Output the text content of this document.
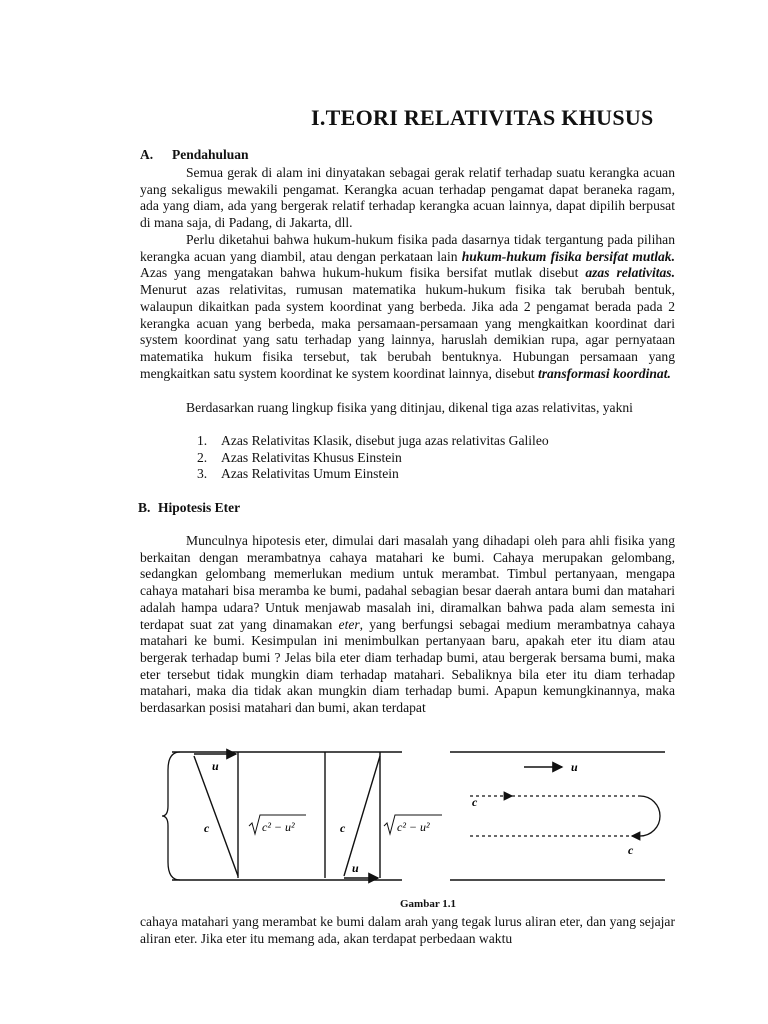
I.TEORI RELATIVITAS KHUSUS
A. Pendahuluan
Semua gerak di alam ini dinyatakan sebagai gerak relatif terhadap suatu kerangka acuan yang sekaligus mewakili pengamat. Kerangka acuan terhadap pengamat dapat beraneka ragam, ada yang diam, ada yang bergerak relatif terhadap kerangka acuan lainnya, dapat dipilih berpusat di mana saja, di Padang, di Jakarta, dll.
Perlu diketahui bahwa hukum-hukum fisika pada dasarnya tidak tergantung pada pilihan kerangka acuan yang diambil, atau dengan perkataan lain hukum-hukum fisika bersifat mutlak. Azas yang mengatakan bahwa hukum-hukum fisika bersifat mutlak disebut azas relativitas. Menurut azas relativitas, rumusan matematika hukum-hukum fisika tak berubah bentuk, walaupun dikaitkan pada system koordinat yang berbeda. Jika ada 2 pengamat berada pada 2 kerangka acuan yang berbeda, maka persamaan-persamaan yang mengkaitkan koordinat dari system koordinat yang satu terhadap yang lainnya, haruslah demikian rupa, agar pernyataan matematika hukum fisika tersebut, tak berubah bentuknya. Hubungan persamaan yang mengkaitkan satu system koordinat ke system koordinat lainnya, disebut transformasi koordinat.
Berdasarkan ruang lingkup fisika yang ditinjau, dikenal tiga azas relativitas, yakni
1. Azas Relativitas Klasik, disebut juga azas relativitas Galileo
2. Azas Relativitas Khusus Einstein
3. Azas Relativitas Umum Einstein
B. Hipotesis Eter
Munculnya hipotesis eter, dimulai dari masalah yang dihadapi oleh para ahli fisika yang berkaitan dengan merambatnya cahaya matahari ke bumi. Cahaya merupakan gelombang, sedangkan gelombang memerlukan medium untuk merambat. Timbul pertanyaan, mengapa cahaya matahari bisa meramba ke bumi, padahal sebagian besar daerah antara bumi dan matahari adalah hampa udara? Untuk menjawab masalah ini, diramalkan bahwa pada alam semesta ini terdapat suat zat yang dinamakan eter, yang berfungsi sebagai medium merambatnya cahaya matahari ke bumi. Kesimpulan ini menimbulkan pertanyaan baru, apakah eter itu diam atau bergerak terhadap bumi ? Jelas bila eter diam terhadap bumi, atau bergerak bersama bumi, maka eter tersebut tidak mungkin diam terhadap matahari. Sebaliknya bila eter itu diam terhadap matahari, maka dia tidak akan mungkin diam terhadap bumi. Apapun kemungkinannya, maka berdasarkan posisi matahari dan bumi, akan terdapat
u
c	c
u
c² − u²	c² − u²
u
c
c
Gambar 1.1
cahaya matahari yang merambat ke bumi dalam arah yang tegak lurus aliran eter, dan yang sejajar aliran eter. Jika eter itu memang ada, akan terdapat perbedaan waktu
